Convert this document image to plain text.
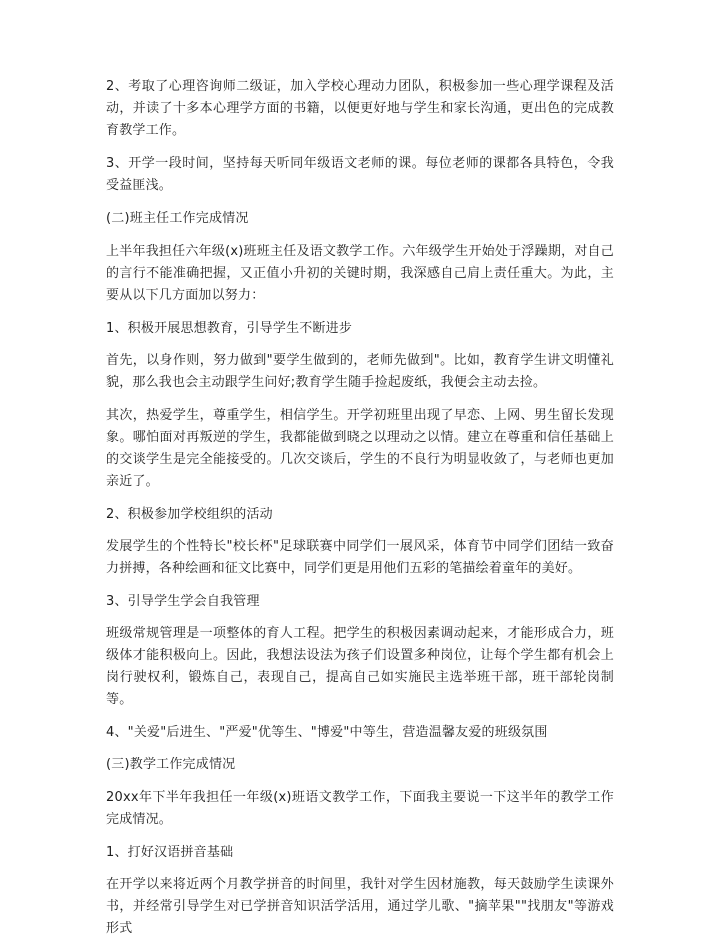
2、考取了心理咨询师二级证，加入学校心理动力团队，积极参加一些心理学课程及活动，并读了十多本心理学方面的书籍，以便更好地与学生和家长沟通，更出色的完成教育教学工作。

3、开学一段时间，坚持每天听同年级语文老师的课。每位老师的课都各具特色，令我受益匪浅。

(二)班主任工作完成情况

上半年我担任六年级(x)班班主任及语文教学工作。六年级学生开始处于浮躁期，对自己的言行不能准确把握，又正值小升初的关键时期，我深感自己肩上责任重大。为此，主要从以下几方面加以努力：

1、积极开展思想教育，引导学生不断进步

首先，以身作则，努力做到"要学生做到的，老师先做到"。比如，教育学生讲文明懂礼貌，那么我也会主动跟学生问好;教育学生随手捡起废纸，我便会主动去捡。

其次，热爱学生，尊重学生，相信学生。开学初班里出现了早恋、上网、男生留长发现象。哪怕面对再叛逆的学生，我都能做到晓之以理动之以情。建立在尊重和信任基础上的交谈学生是完全能接受的。几次交谈后，学生的不良行为明显收敛了，与老师也更加亲近了。

2、积极参加学校组织的活动

发展学生的个性特长"校长杯"足球联赛中同学们一展风采，体育节中同学们团结一致奋力拼搏，各种绘画和征文比赛中，同学们更是用他们五彩的笔描绘着童年的美好。

3、引导学生学会自我管理

班级常规管理是一项整体的育人工程。把学生的积极因素调动起来，才能形成合力，班级体才能积极向上。因此，我想法设法为孩子们设置多种岗位，让每个学生都有机会上岗行驶权利，锻炼自己，表现自己，提高自己如实施民主选举班干部，班干部轮岗制等。

4、"关爱"后进生、"严爱"优等生、"博爱"中等生，营造温馨友爱的班级氛围

(三)教学工作完成情况

20xx年下半年我担任一年级(x)班语文教学工作，下面我主要说一下这半年的教学工作完成情况。

1、打好汉语拼音基础

在开学以来将近两个月教学拼音的时间里，我针对学生因材施教，每天鼓励学生读课外书，并经常引导学生对已学拼音知识活学活用，通过学儿歌、"摘苹果""找朋友"等游戏形式
